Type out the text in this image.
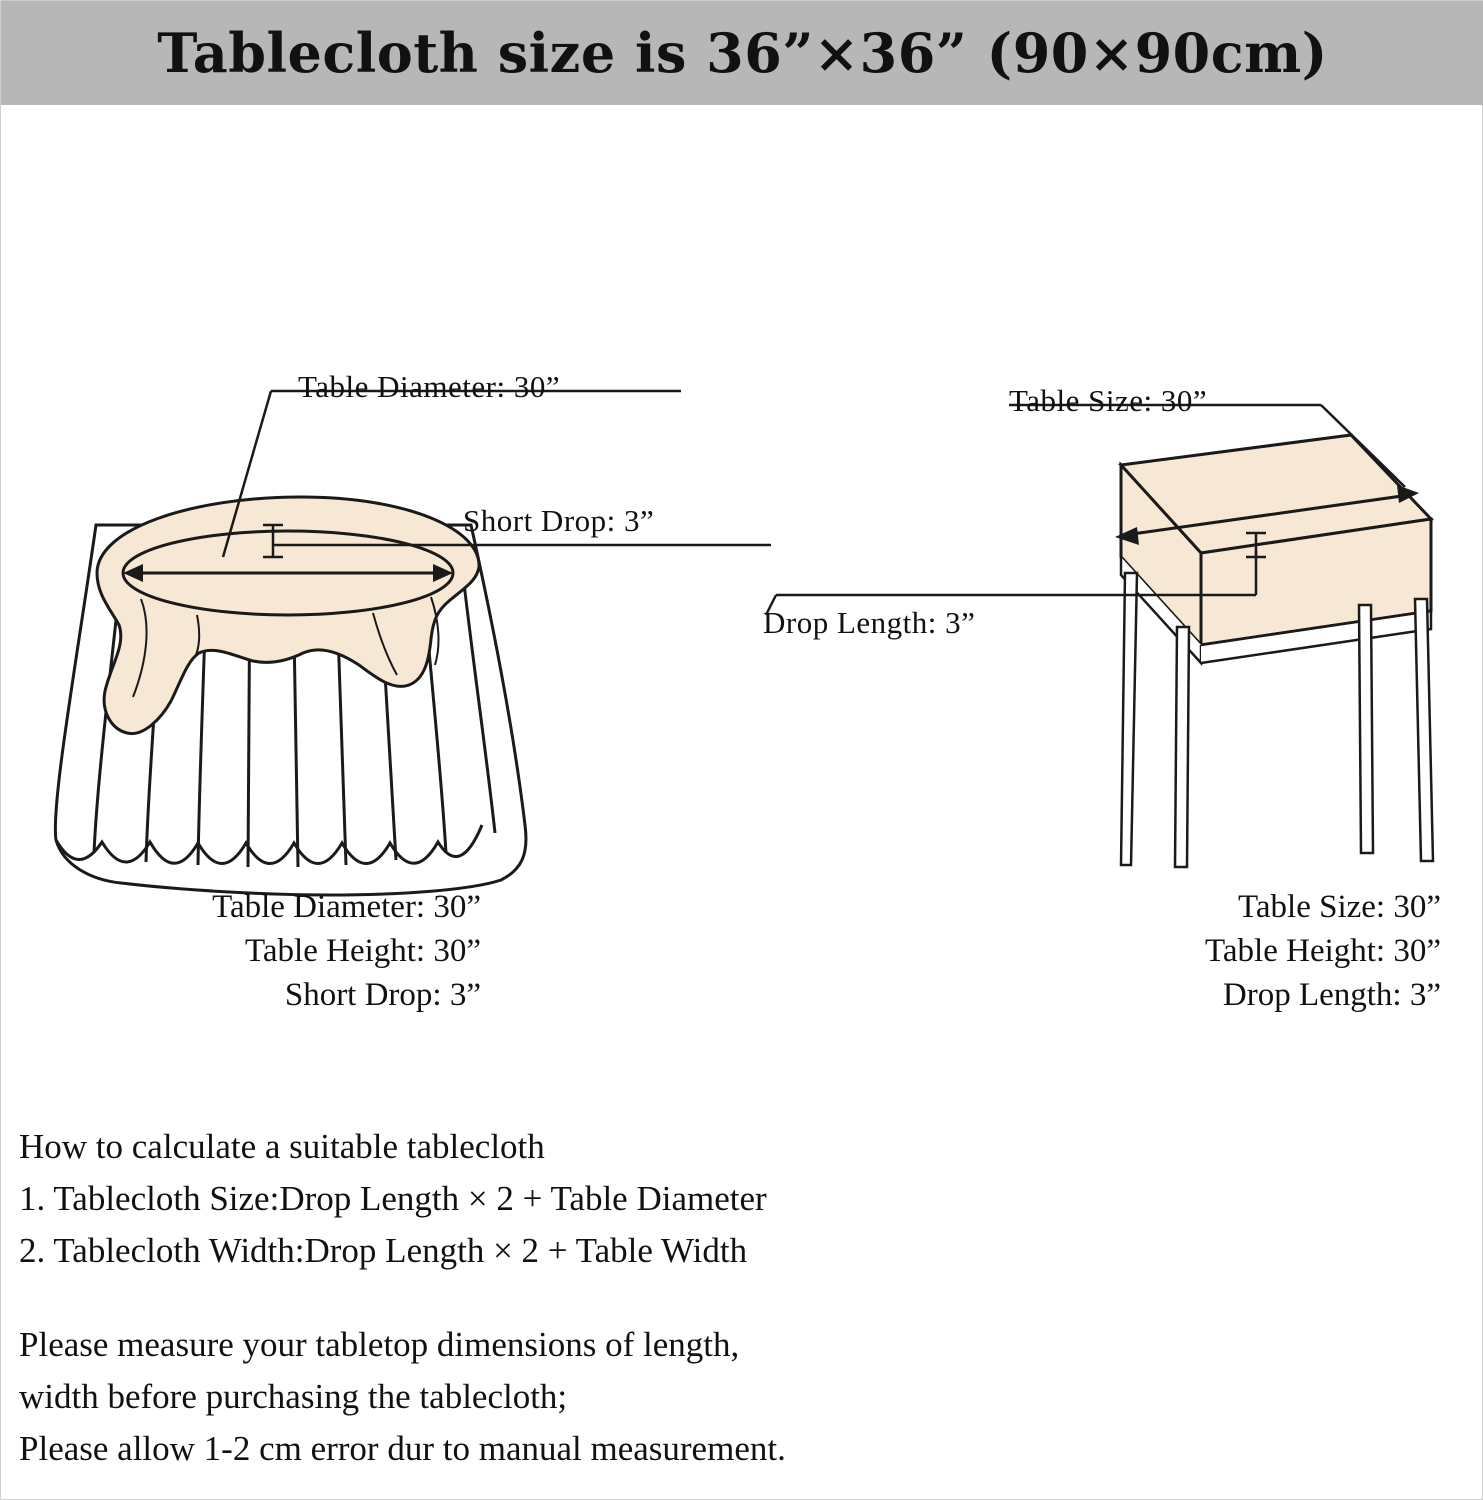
Tablecloth size is 36”×36” (90×90cm)
Table Diameter: 30”
Short Drop: 3”
Table Size: 30”
Drop Length: 3”
Table Diameter: 30”
Table Height: 30”
Short Drop: 3”
Table Size: 30”
Table Height: 30”
Drop Length: 3”

How to calculate a suitable tablecloth

1. Tablecloth Size:Drop Length × 2 + Table Diameter

2. Tablecloth Width:Drop Length × 2 + Table Width

Please measure your tabletop dimensions of length,

width before purchasing the tablecloth;

Please allow 1-2 cm error dur to manual measurement.
